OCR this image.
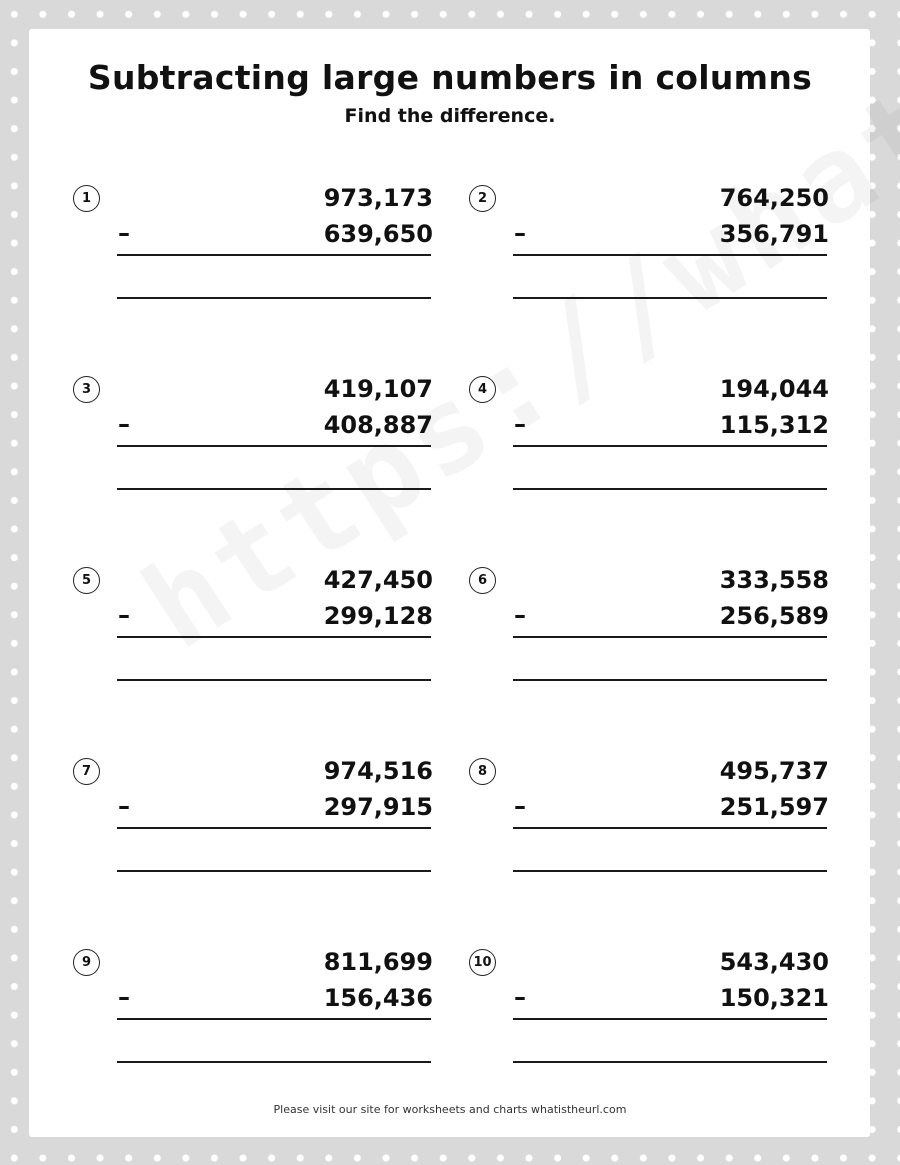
Subtracting large numbers in columns
Find the difference.
1	973,173
–	639,650
2	764,250
–	356,791
3	419,107
–	408,887
4	194,044
–	115,312
5	427,450
–	299,128
6	333,558
–	256,589
7	974,516
–	297,915
8	495,737
–	251,597
9	811,699
–	156,436
10	543,430
–	150,321
Please visit our site for worksheets and charts whatistheurl.com
